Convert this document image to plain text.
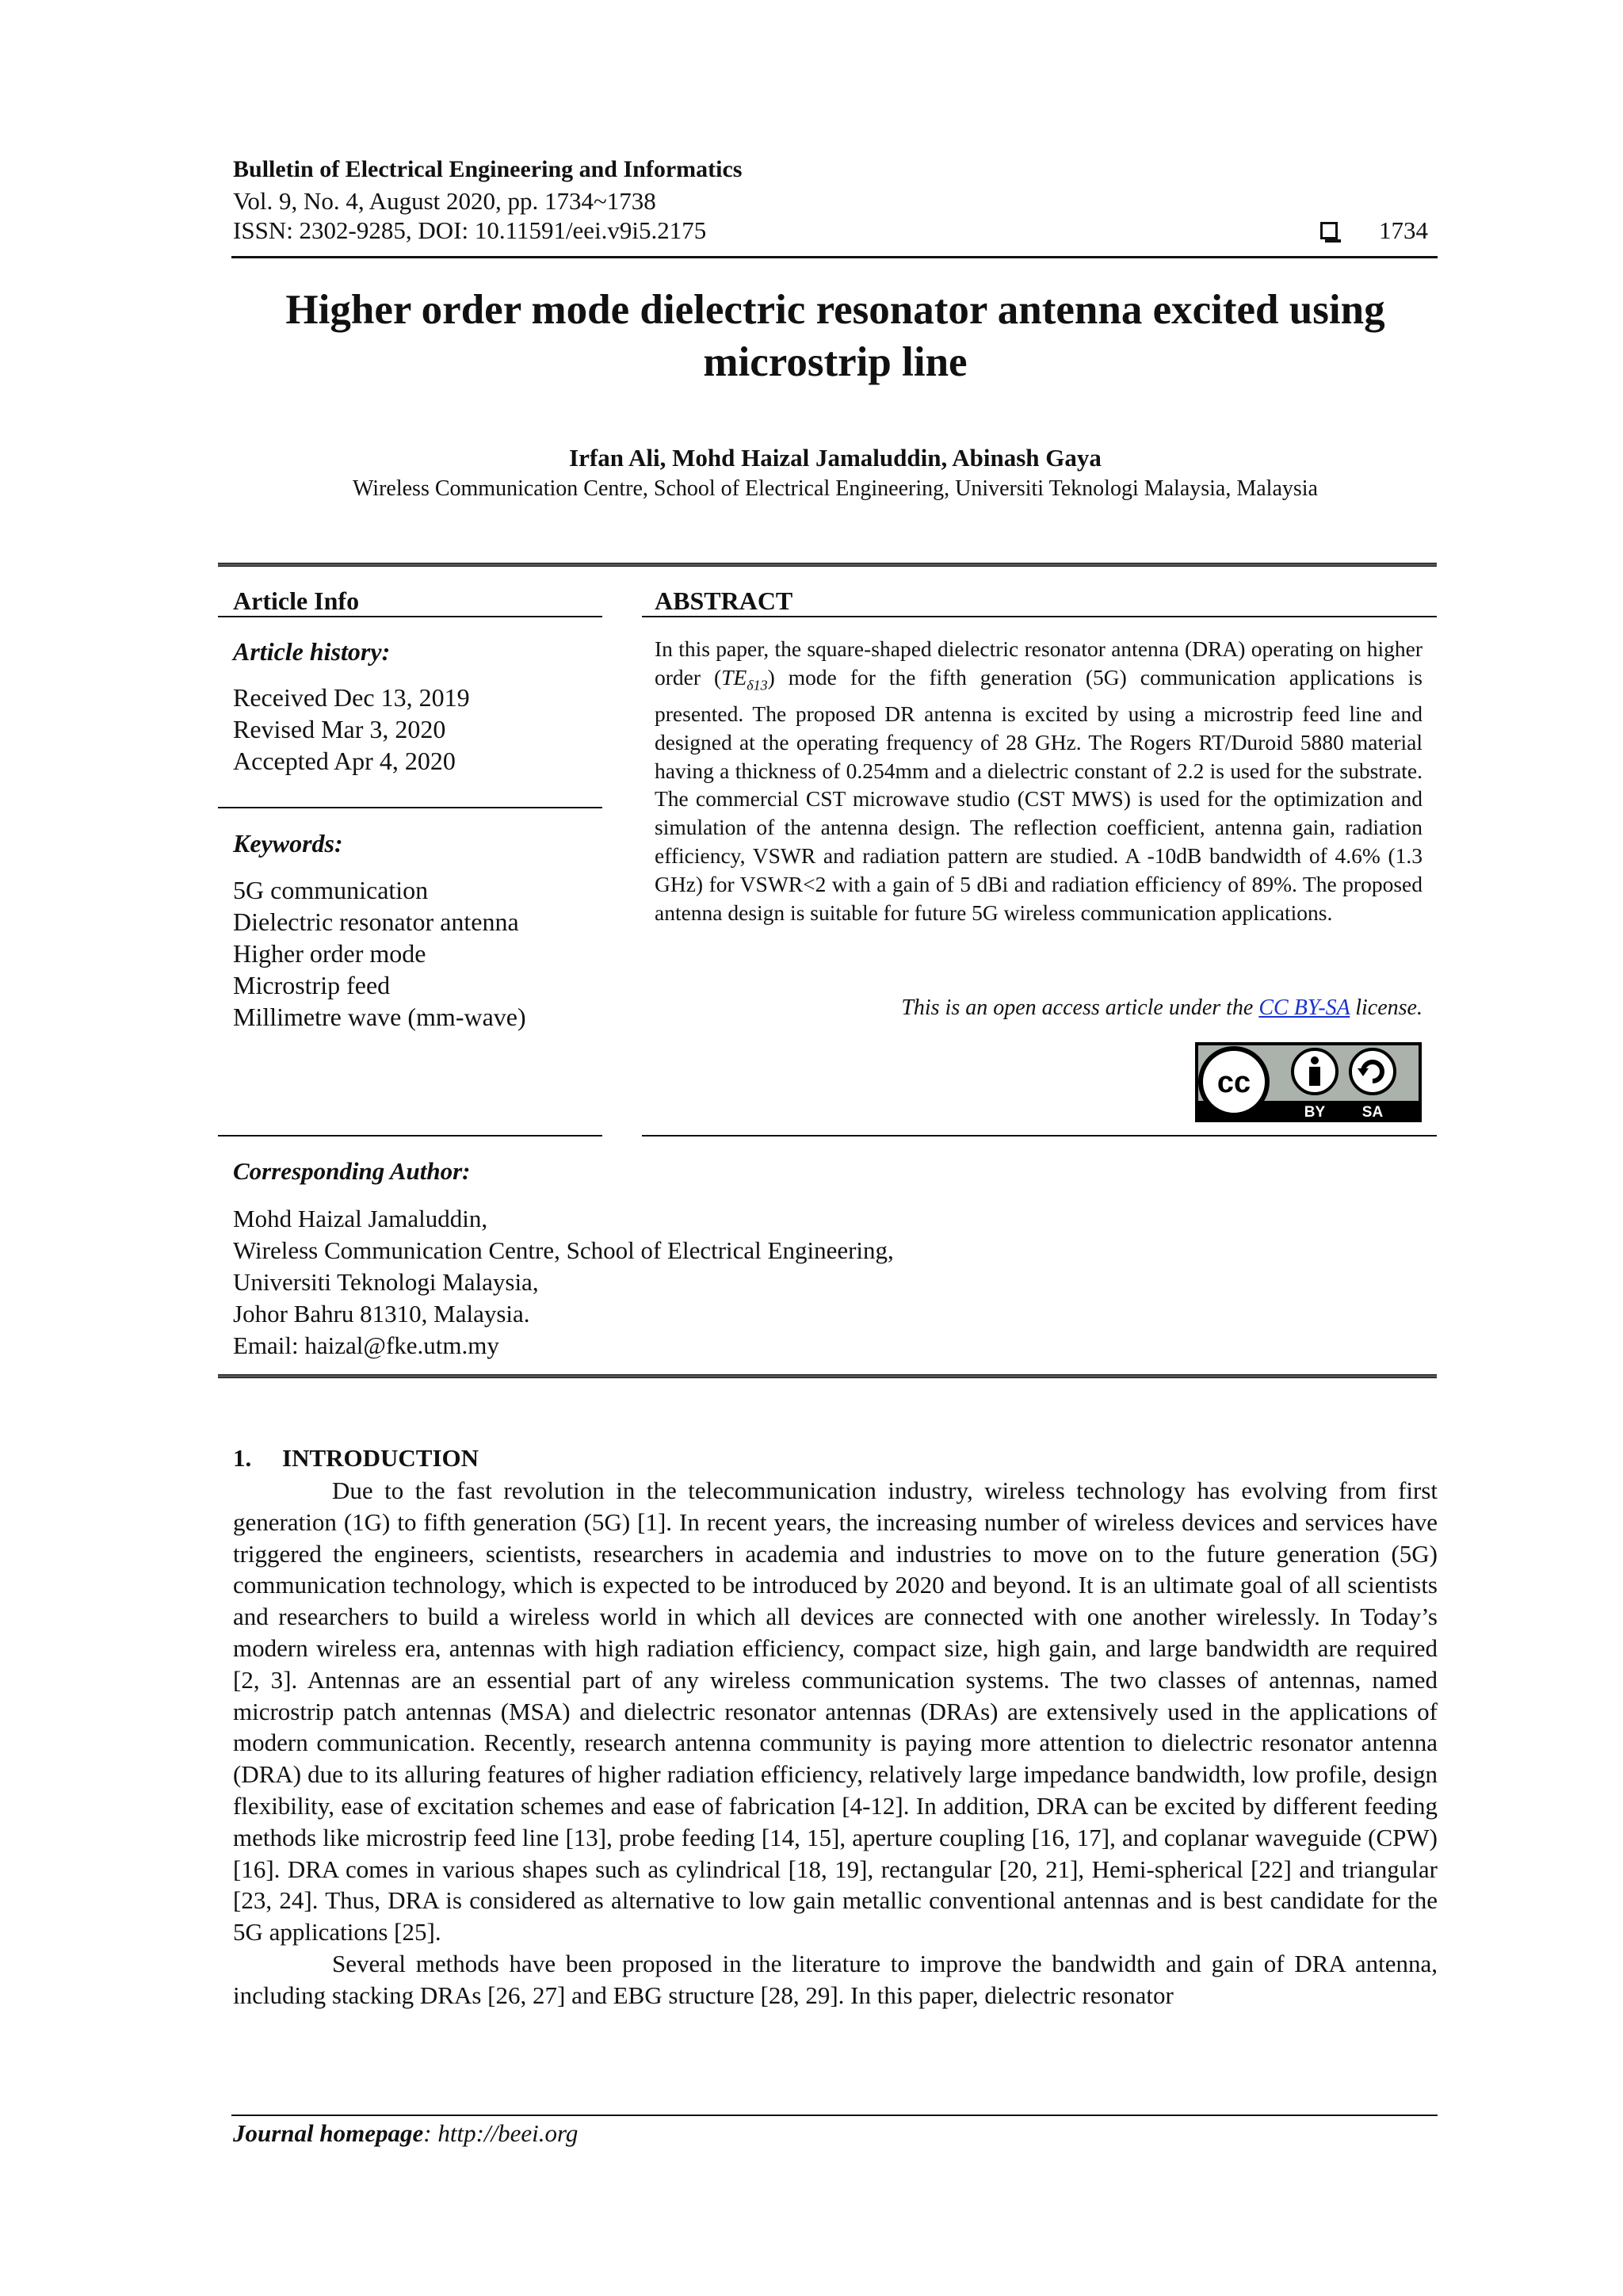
Bulletin of Electrical Engineering and Informatics
Vol. 9, No. 4, August 2020, pp. 1734~1738
ISSN: 2302-9285, DOI: 10.11591/eei.v9i5.2175	1734
Higher order mode dielectric resonator antenna excited using microstrip line
Irfan Ali, Mohd Haizal Jamaluddin, Abinash Gaya
Wireless Communication Centre, School of Electrical Engineering, Universiti Teknologi Malaysia, Malaysia
Article Info	ABSTRACT
Article history:
Received Dec 13, 2019
Revised Mar 3, 2020
Accepted Apr 4, 2020
Keywords:
5G communication
Dielectric resonator antenna
Higher order mode
Microstrip feed
Millimetre wave (mm-wave)
In this paper, the square-shaped dielectric resonator antenna (DRA) operating on higher order $(TE_{\delta 13})$ mode for the fifth generation (5G) communication applications is presented. The proposed DR antenna is excited by using a microstrip feed line and designed at the operating frequency of 28 GHz. The Rogers RT/Duroid 5880 material having a thickness of 0.254mm and a dielectric constant of 2.2 is used for the substrate. The commercial CST microwave studio (CST MWS) is used for the optimization and simulation of the antenna design. The reflection coefficient, antenna gain, radiation efficiency, VSWR and radiation pattern are studied. A -10dB bandwidth of 4.6% (1.3 GHz) for VSWR<2 with a gain of 5 dBi and radiation efficiency of 89%. The proposed antenna design is suitable for future 5G wireless communication applications.
This is an open access article under the CC BY-SA license.
cc
BY SA
Corresponding Author:
Mohd Haizal Jamaluddin,
Wireless Communication Centre, School of Electrical Engineering,
Universiti Teknologi Malaysia,
Johor Bahru 81310, Malaysia.
Email: haizal@fke.utm.my
1.     INTRODUCTION

Due to the fast revolution in the telecommunication industry, wireless technology has evolving from first generation (1G) to fifth generation (5G) [1]. In recent years, the increasing number of wireless devices and services have triggered the engineers, scientists, researchers in academia and industries to move on to the future generation (5G) communication technology, which is expected to be introduced by 2020 and beyond. It is an ultimate goal of all scientists and researchers to build a wireless world in which all devices are connected with one another wirelessly. In Today’s modern wireless era, antennas with high radiation efficiency, compact size, high gain, and large bandwidth are required [2, 3]. Antennas are an essential part of any wireless communication systems. The two classes of antennas, named microstrip patch antennas (MSA) and dielectric resonator antennas (DRAs) are extensively used in the applications of modern communication. Recently, research antenna community is paying more attention to dielectric resonator antenna (DRA) due to its alluring features of higher radiation efficiency, relatively large impedance bandwidth, low profile, design flexibility, ease of excitation schemes and ease of fabrication [4-12]. In addition, DRA can be excited by different feeding methods like microstrip feed line [13], probe feeding [14, 15], aperture coupling [16, 17], and coplanar waveguide (CPW) [16]. DRA comes in various shapes such as cylindrical [18, 19], rectangular [20, 21], Hemi-spherical [22] and triangular [23, 24]. Thus, DRA is considered as alternative to low gain metallic conventional antennas and is best candidate for the 5G applications [25].

Several methods have been proposed in the literature to improve the bandwidth and gain of DRA antenna, including stacking DRAs [26, 27] and EBG structure [28, 29]. In this paper, dielectric resonator

Journal homepage: http://beei.org
